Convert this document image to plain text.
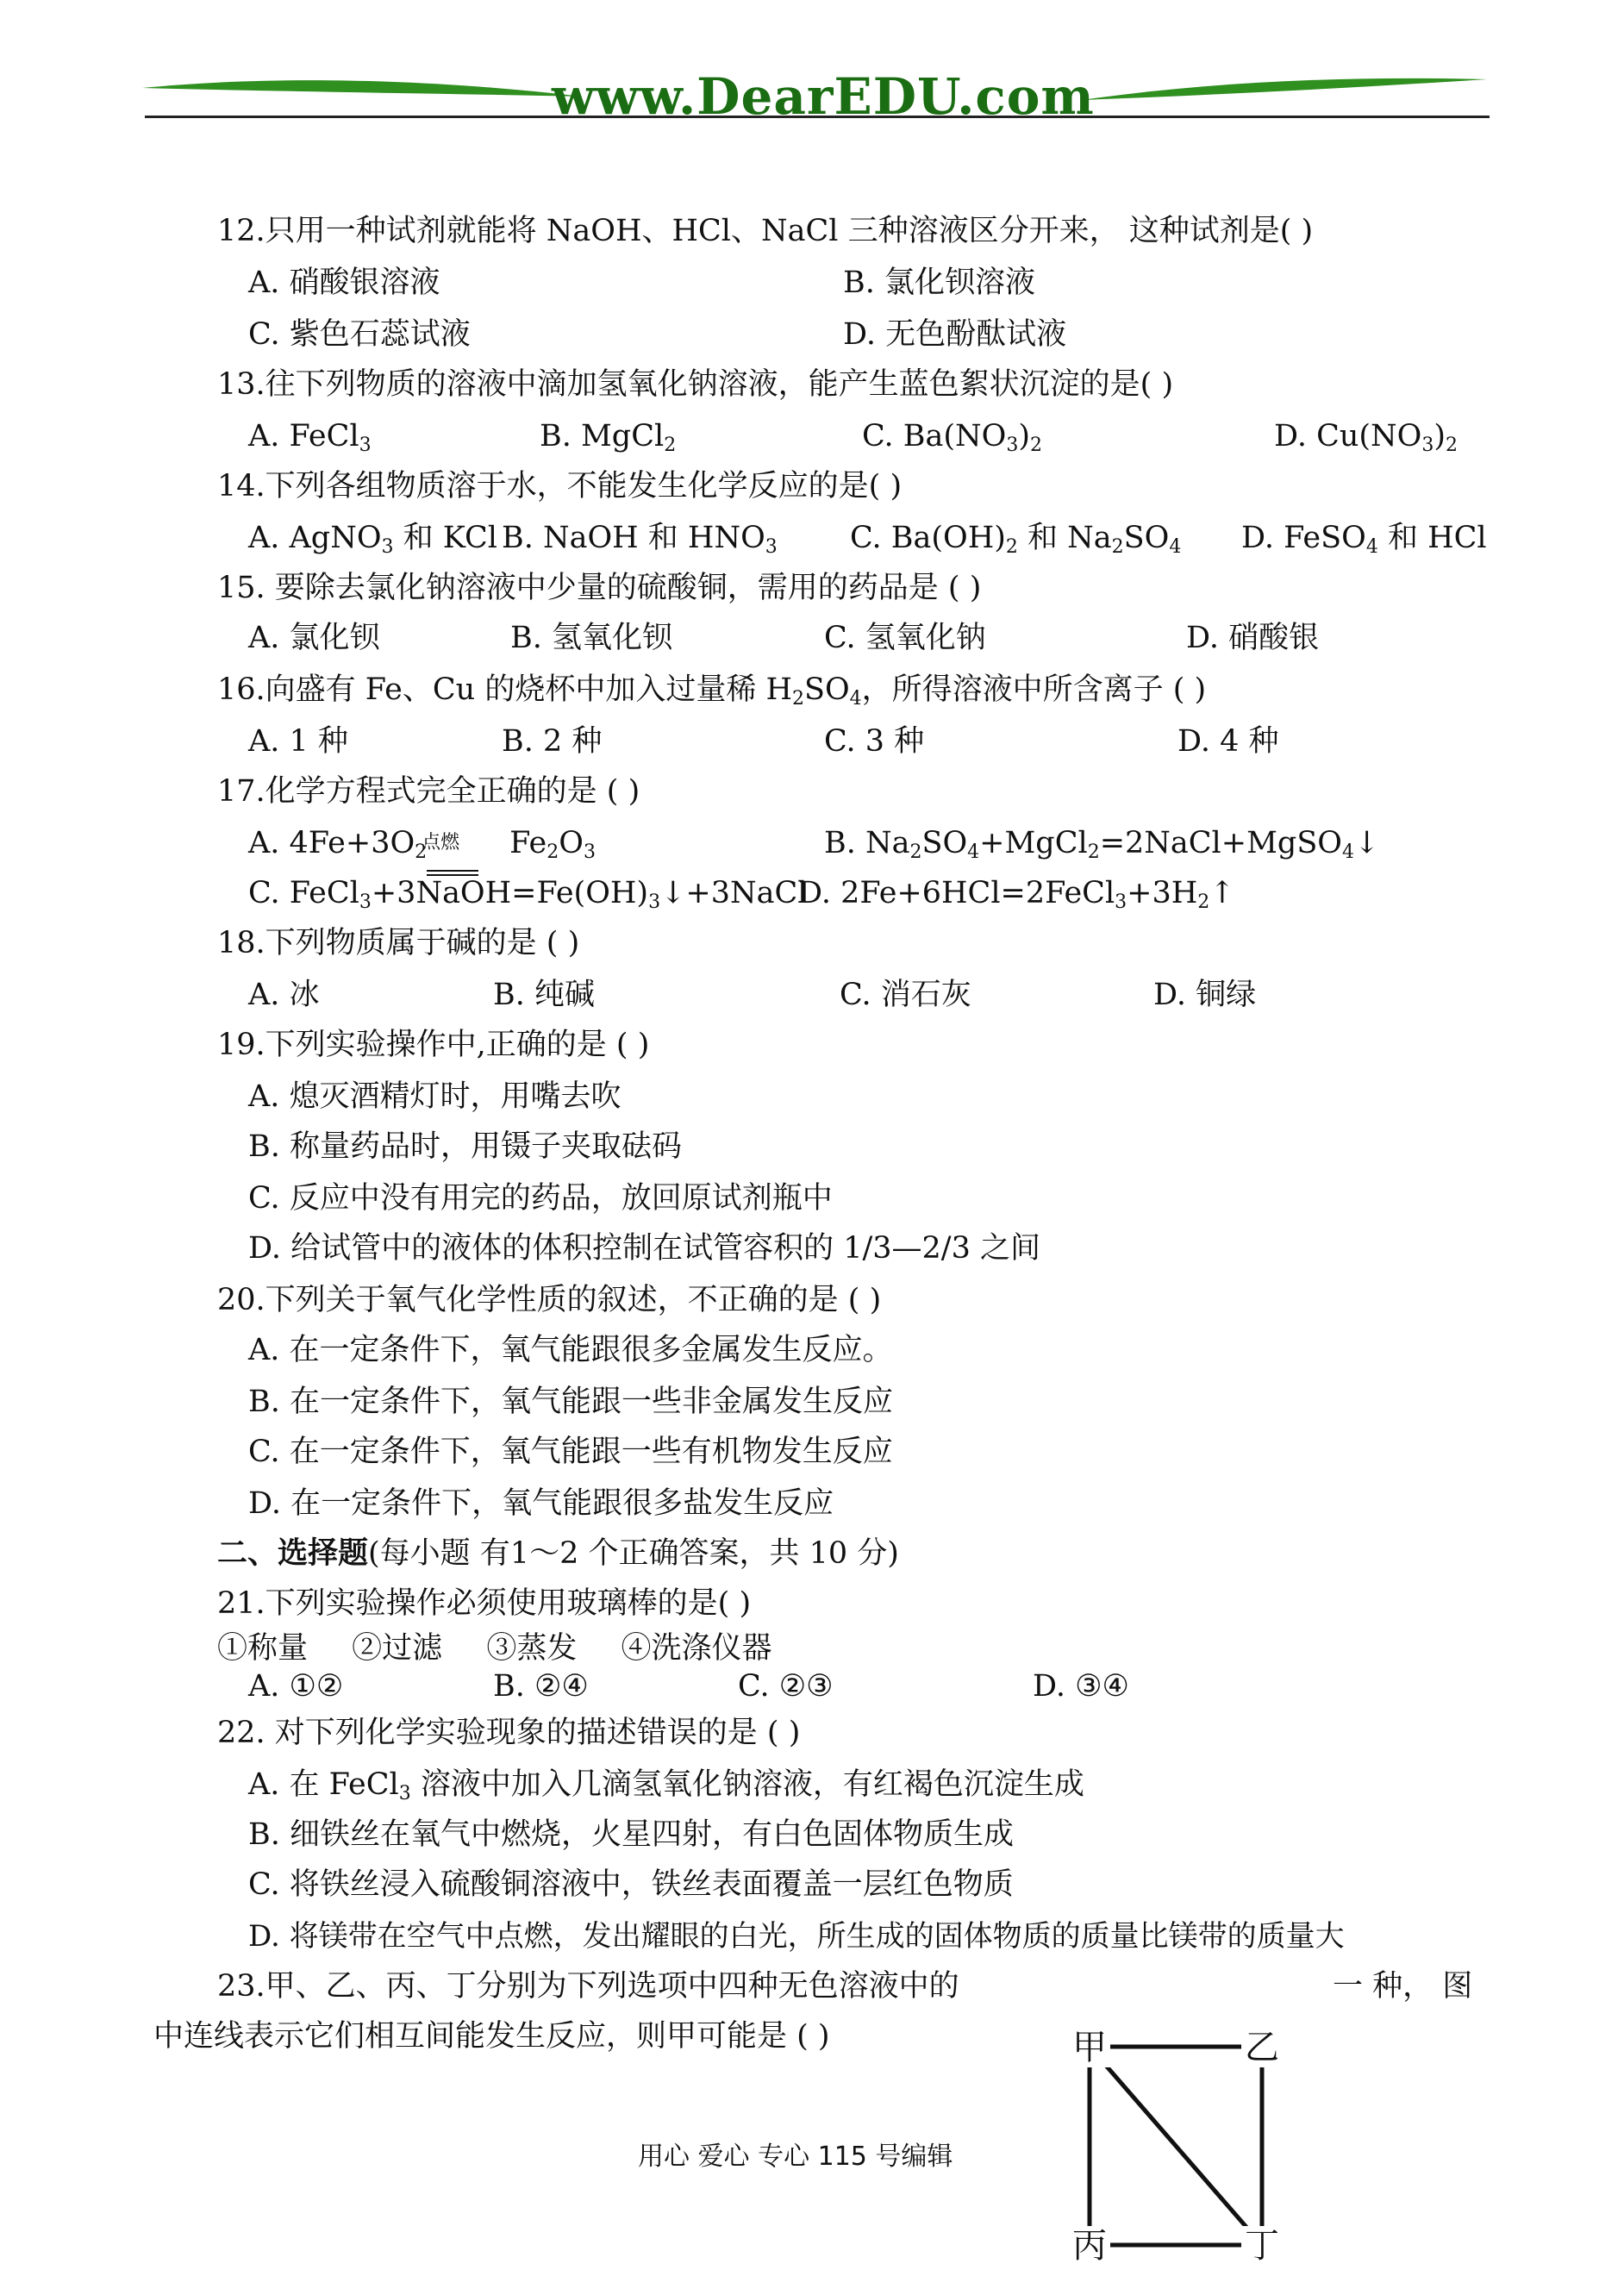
www.DearEDU.com
12.只用一种试剂就能将 NaOH、HCl、NaCl 三种溶液区分开来， 这种试剂是( )
A. 硝酸银溶液	B. 氯化钡溶液
C. 紫色石蕊试液	D. 无色酚酞试液
13.往下列物质的溶液中滴加氢氧化钠溶液，能产生蓝色絮状沉淀的是( )
A. FeCl$_3$	B. MgCl$_2$	C. $Ba(NO_3)_2$	D. $Cu(NO_3)_2$
14.下列各组物质溶于水，不能发生化学反应的是( )
A. AgNO$_3$ 和 KCl B. NaOH 和 $HNO_3$ C. $Ba(OH)_2$ 和 $Na_2SO_4$ D. FeSO$_4$ 和 HCl
15. 要除去氯化钠溶液中少量的硫酸铜，需用的药品是 ( )
A. 氯化钡	B. 氢氧化钡	C. 氢氧化钠	D. 硝酸银
16.向盛有 Fe、Cu 的烧杯中加入过量稀 $H_2SO_4$，所得溶液中所含离子 ( )
A. 1 种	B. 2 种	C. 3 种	D. 4 种
17.化学方程式完全正确的是 ( )
A. $4Fe+3O_2$
点燃 $Fe_2O_3$	B. $Na_2SO_4+MgCl_2=2NaCl+MgSO_4↓$
C. $FeCl_3+3NaOH=Fe(OH)_3↓+3NaCl$
D. $2Fe+6HCl=2FeCl_3+3H_2↑$
18.下列物质属于碱的是 ( )
A. 冰	B. 纯碱	C. 消石灰	D. 铜绿
19.下列实验操作中,正确的是 ( )
A. 熄灭酒精灯时，用嘴去吹
B. 称量药品时，用镊子夹取砝码
C. 反应中没有用完的药品，放回原试剂瓶中
D. 给试管中的液体的体积控制在试管容积的 1/3—2/3 之间
20.下列关于氧气化学性质的叙述，不正确的是 ( )
A. 在一定条件下，氧气能跟很多金属发生反应。
B. 在一定条件下，氧气能跟一些非金属发生反应
C. 在一定条件下，氧气能跟一些有机物发生反应
D. 在一定条件下，氧气能跟很多盐发生反应
二、选择题(每小题 有1～2 个正确答案，共 10 分)
21.下列实验操作必须使用玻璃棒的是( )
①称量 ②过滤 ③蒸发 ④洗涤仪器
A. ①②	B. ②④	C. ②③	D. ③④
22. 对下列化学实验现象的描述错误的是 ( )
A. 在 FeCl$_3$ 溶液中加入几滴氢氧化钠溶液，有红褐色沉淀生成
B. 细铁丝在氧气中燃烧，火星四射，有白色固体物质生成
C. 将铁丝浸入硫酸铜溶液中，铁丝表面覆盖一层红色物质
D. 将镁带在空气中点燃，发出耀眼的白光，所生成的固体物质的质量比镁带的质量大
23.甲、乙、丙、丁分别为下列选项中四种无色溶液中的	一 种， 图
中连线表示它们相互间能发生反应，则甲可能是 ( )	甲	乙
丙	丁
用心 爱心 专心 115 号编辑
